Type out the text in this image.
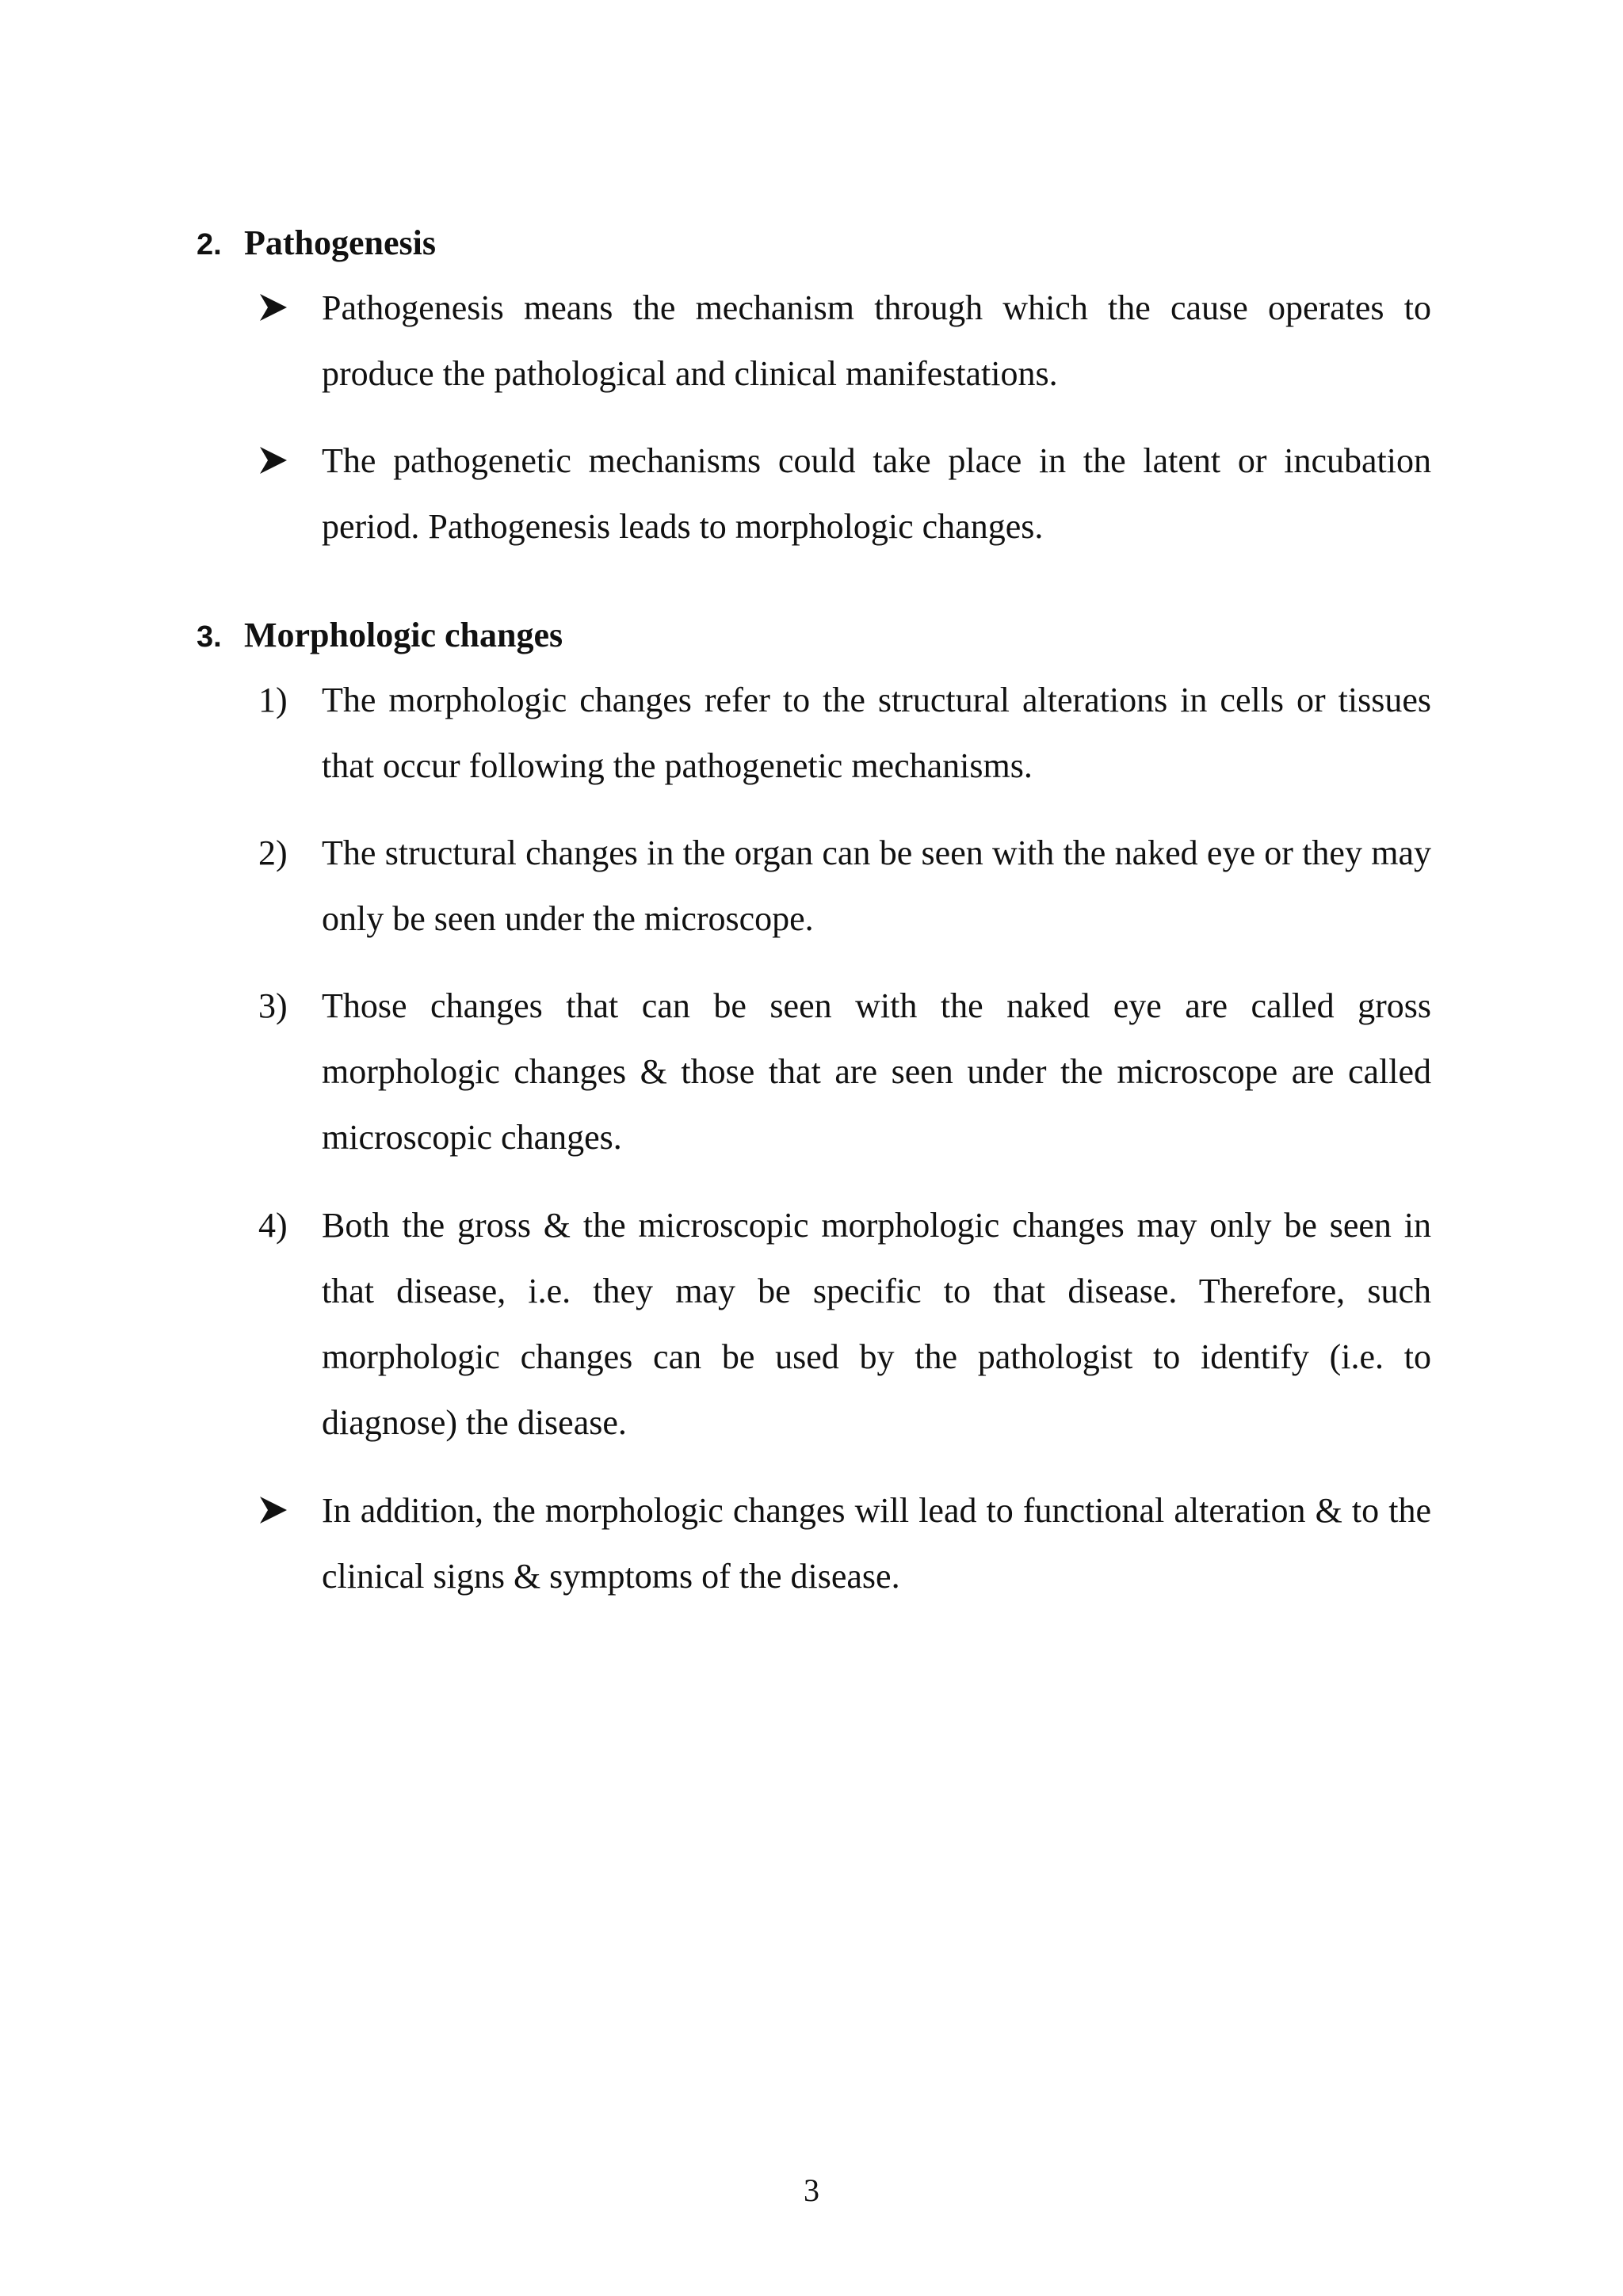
2. Pathogenesis
Pathogenesis means the mechanism through which the cause operates to produce the pathological and clinical manifestations.
The pathogenetic mechanisms could take place in the latent or incubation period. Pathogenesis leads to morphologic changes.
3. Morphologic changes
1) The morphologic changes refer to the structural alterations in cells or tissues that occur following the pathogenetic mechanisms.
2) The structural changes in the organ can be seen with the naked eye or they may only be seen under the microscope.
3) Those changes that can be seen with the naked eye are called gross morphologic changes & those that are seen under the microscope are called microscopic changes.
4) Both the gross & the microscopic morphologic changes may only be seen in that disease, i.e. they may be specific to that disease. Therefore, such morphologic changes can be used by the pathologist to identify (i.e. to diagnose) the disease.
In addition, the morphologic changes will lead to functional alteration & to the clinical signs & symptoms of the disease.
3
